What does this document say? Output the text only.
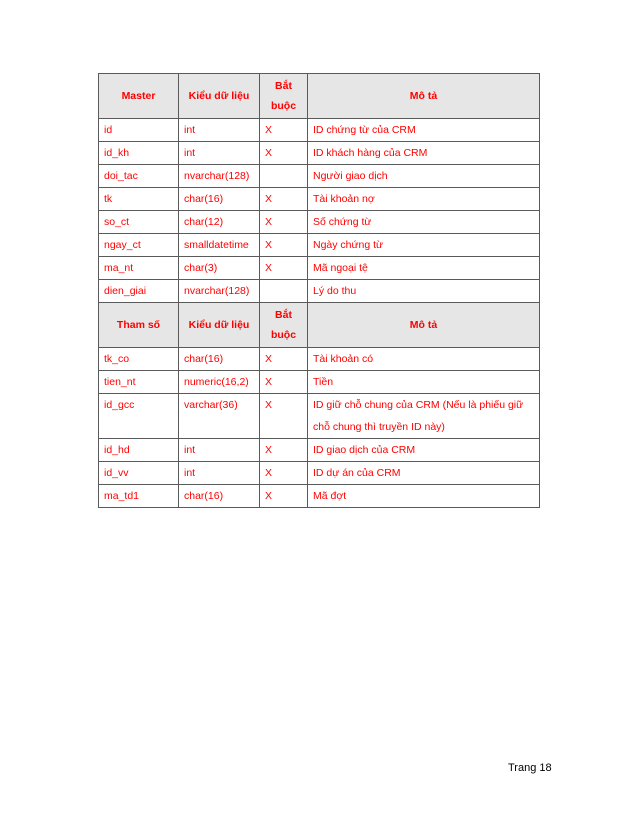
Master	Kiểu dữ liệu	Bắt buộc	Mô tả
id	int	X	ID chứng từ của CRM
id_kh	int	X	ID khách hàng của CRM
doi_tac	nvarchar(128)		Người giao dịch
tk	char(16)	X	Tài khoản nợ
so_ct	char(12)	X	Số chứng từ
ngay_ct	smalldatetime	X	Ngày chứng từ
ma_nt	char(3)	X	Mã ngoại tệ
dien_giai	nvarchar(128)		Lý do thu
Tham số	Kiểu dữ liệu	Bắt buộc	Mô tả
tk_co	char(16)	X	Tài khoản có
tien_nt	numeric(16,2)	X	Tiền
id_gcc	varchar(36)	X	ID giữ chỗ chung của CRM (Nếu là phiếu giữ chỗ chung thì truyền ID này)
id_hd	int	X	ID giao dịch của CRM
id_vv	int	X	ID dự án của CRM
ma_td1	char(16)	X	Mã đợt
Trang 18
